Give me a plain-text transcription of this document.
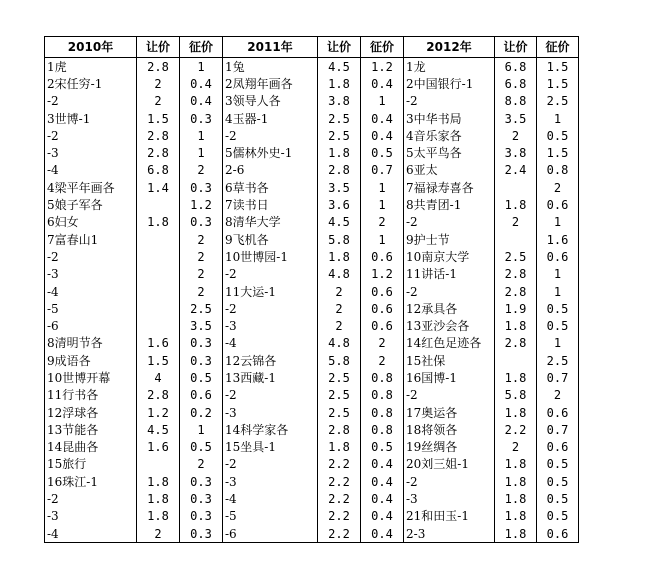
2010年	让价	征价	2011年	让价	征价	2012年	让价	征价
1虎	2.8	1	1兔	4.5	1.2	1龙	6.8	1.5
2宋任穷-1	2	0.4	2凤翔年画各	1.8	0.4	2中国银行-1	6.8	1.5
-2	2	0.4	3领导人各	3.8	1	-2	8.8	2.5
3世博-1	1.5	0.3	4玉器-1	2.5	0.4	3中华书局	3.5	1
-2	2.8	1	-2	2.5	0.4	4音乐家各	2	0.5
-3	2.8	1	5儒林外史-1	1.8	0.5	5太平鸟各	3.8	1.5
-4	6.8	2	2-6	2.8	0.7	6亚太	2.4	0.8
4梁平年画各	1.4	0.3	6草书各	3.5	1	7福禄寿喜各		2
5娘子军各		1.2	7读书日	3.6	1	8共青团-1	1.8	0.6
6妇女	1.8	0.3	8清华大学	4.5	2	-2	2	1
7富春山1		2	9飞机各	5.8	1	9护士节		1.6
-2		2	10世博园-1	1.8	0.6	10南京大学	2.5	0.6
-3		2	-2	4.8	1.2	11讲话-1	2.8	1
-4		2	11大运-1	2	0.6	-2	2.8	1
-5		2.5	-2	2	0.6	12承具各	1.9	0.5
-6		3.5	-3	2	0.6	13亚沙会各	1.8	0.5
8清明节各	1.6	0.3	-4	4.8	2	14红色足迹各	2.8	1
9成语各	1.5	0.3	12云锦各	5.8	2	15社保		2.5
10世博开幕	4	0.5	13西藏-1	2.5	0.8	16国博-1	1.8	0.7
11行书各	2.8	0.6	-2	2.5	0.8	-2	5.8	2
12浮球各	1.2	0.2	-3	2.5	0.8	17奥运各	1.8	0.6
13节能各	4.5	1	14科学家各	2.8	0.8	18将领各	2.2	0.7
14昆曲各	1.6	0.5	15坐具-1	1.8	0.5	19丝绸各	2	0.6
15旅行		2	-2	2.2	0.4	20刘三姐-1	1.8	0.5
16珠江-1	1.8	0.3	-3	2.2	0.4	-2	1.8	0.5
-2	1.8	0.3	-4	2.2	0.4	-3	1.8	0.5
-3	1.8	0.3	-5	2.2	0.4	21和田玉-1	1.8	0.5
-4	2	0.3	-6	2.2	0.4	2-3	1.8	0.6
